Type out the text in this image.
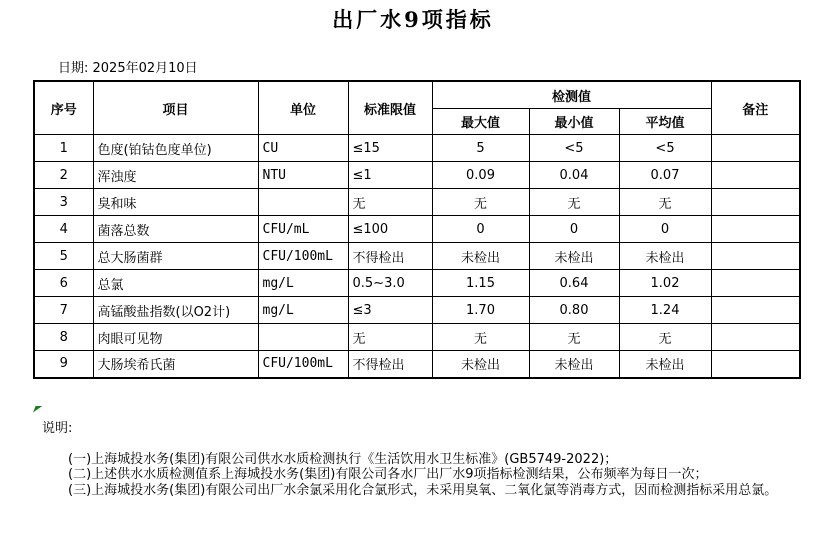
出厂水9项指标
日期: 2025年02月10日
序号	项目	单位	标准限值	检测值			备注
				最大值	最小值	平均值	
1	色度(铂钴色度单位)	CU	≤15	5	<5	<5	
2	浑浊度	NTU	≤1	0.09	0.04	0.07	
3	臭和味		无	无	无	无	
4	菌落总数	CFU/mL	≤100	0	0	0	
5	总大肠菌群	CFU/100mL	不得检出	未检出	未检出	未检出	
6	总氯	mg/L	0.5~3.0	1.15	0.64	1.02	
7	高锰酸盐指数(以O2计)	mg/L	≤3	1.70	0.80	1.24	
8	肉眼可见物		无	无	无	无	
9	大肠埃希氏菌	CFU/100mL	不得检出	未检出	未检出	未检出	
说明:
(一)上海城投水务(集团)有限公司供水水质检测执行《生活饮用水卫生标准》(GB5749-2022)；
(二)上述供水水质检测值系上海城投水务(集团)有限公司各水厂出厂水9项指标检测结果，公布频率为每日一次；
(三)上海城投水务(集团)有限公司出厂水余氯采用化合氯形式，未采用臭氧、二氧化氯等消毒方式，因而检测指标采用总氯。
